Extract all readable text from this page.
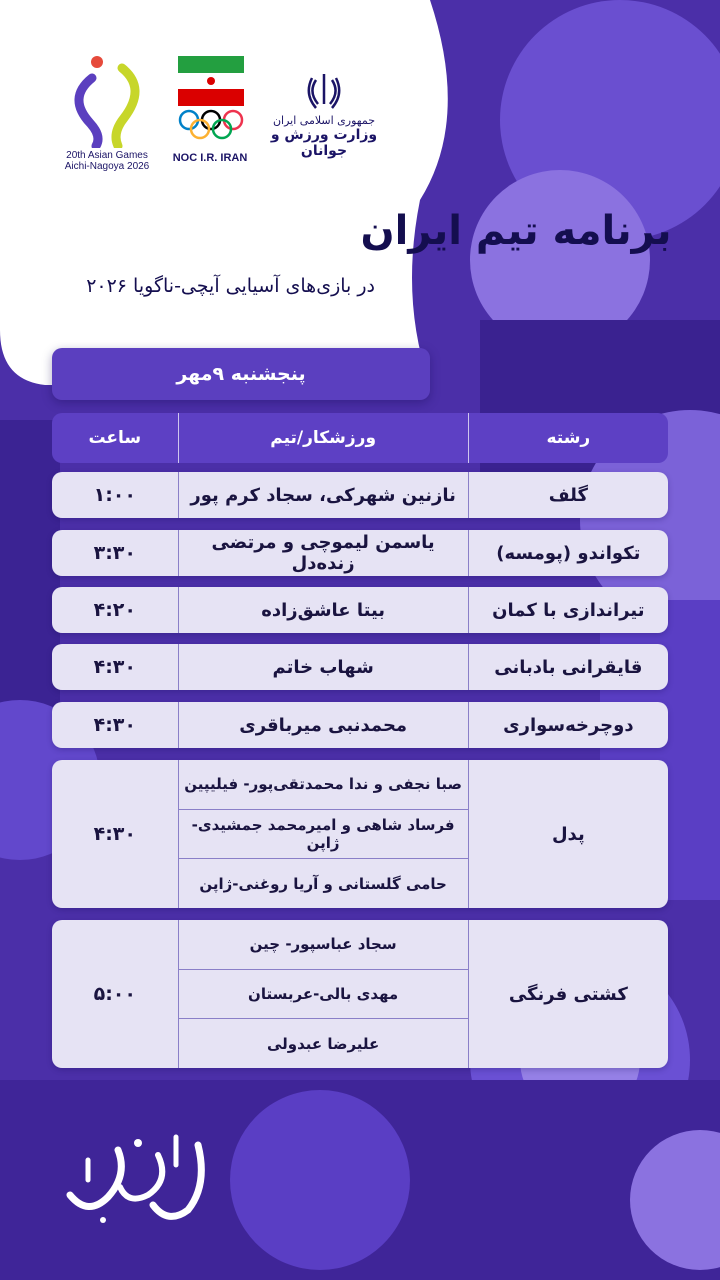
20th Asian Games
Aichi-Nagoya 2026
NOC I.R. IRAN
جمهوری اسلامی ایران
وزارت ورزش و جوانان
برنامه تیم ایران
در بازی‌های آسیایی آیچی-ناگویا ۲۰۲۶
پنجشنبه ۹مهر
رشته
ورزشکار/تیم
ساعت
گلف
نازنین شهرکی، سجاد کرم پور
۱:۰۰
تکواندو (پومسه)
یاسمن لیموچی و مرتضی زنده‌دل
۳:۳۰
تیراندازی با کمان
بیتا عاشق‌زاده
۴:۲۰
قایقرانی بادبانی
شهاب خاتم
۴:۳۰
دوچرخه‌سواری
محمدنبی میرباقری
۴:۳۰
پدل
صبا نجفی و ندا محمدتقی‌پور- فیلیپین
فرساد شاهی و امیرمحمد جمشیدی-ژاپن
حامی گلستانی و آریا روغنی-ژاپن
۴:۳۰
کشتی فرنگی
سجاد عباسپور- چین
مهدی بالی-عربستان
علیرضا عبدولی
۵:۰۰
